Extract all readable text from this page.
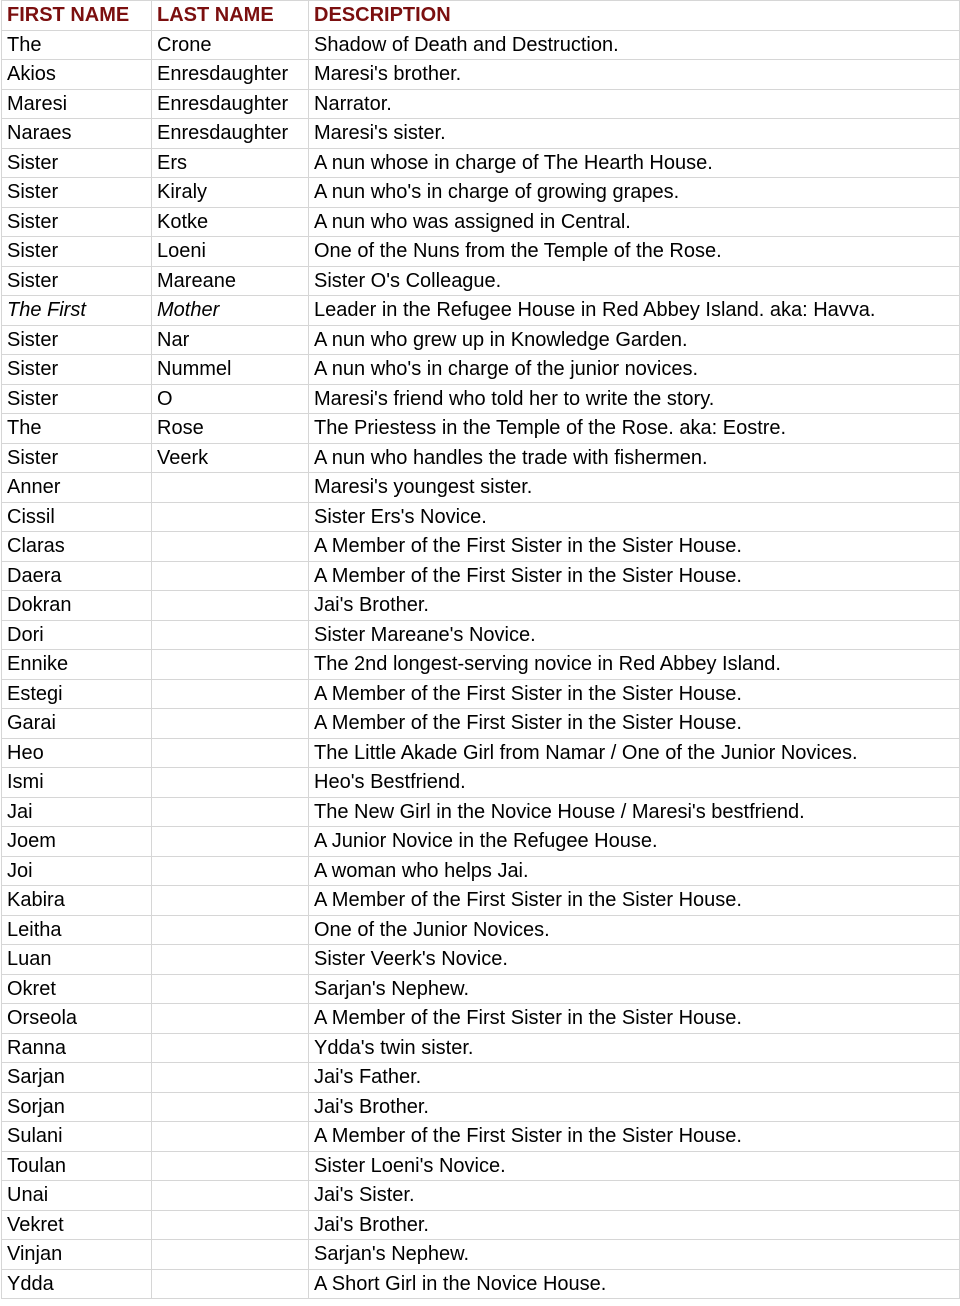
FIRST NAME	LAST NAME	DESCRIPTION
The	Crone	Shadow of Death and Destruction.
Akios	Enresdaughter	Maresi's brother.
Maresi	Enresdaughter	Narrator.
Naraes	Enresdaughter	Maresi's sister.
Sister	Ers	A nun whose in charge of The Hearth House.
Sister	Kiraly	A nun who's in charge of growing grapes.
Sister	Kotke	A nun who was assigned in Central.
Sister	Loeni	One of the Nuns from the Temple of the Rose.
Sister	Mareane	Sister O's Colleague.
The First	Mother	Leader in the Refugee House in Red Abbey Island. aka: Havva.
Sister	Nar	A nun who grew up in Knowledge Garden.
Sister	Nummel	A nun who's in charge of the junior novices.
Sister	O	Maresi's friend who told her to write the story.
The	Rose	The Priestess in the Temple of the Rose. aka: Eostre.
Sister	Veerk	A nun who handles the trade with fishermen.
Anner		Maresi's youngest sister.
Cissil		Sister Ers's Novice.
Claras		A Member of the First Sister in the Sister House.
Daera		A Member of the First Sister in the Sister House.
Dokran		Jai's Brother.
Dori		Sister Mareane's Novice.
Ennike		The 2nd longest-serving novice in Red Abbey Island.
Estegi		A Member of the First Sister in the Sister House.
Garai		A Member of the First Sister in the Sister House.
Heo		The Little Akade Girl from Namar / One of the Junior Novices.
Ismi		Heo's Bestfriend.
Jai		The New Girl in the Novice House / Maresi's bestfriend.
Joem		A Junior Novice in the Refugee House.
Joi		A woman who helps Jai.
Kabira		A Member of the First Sister in the Sister House.
Leitha		One of the Junior Novices.
Luan		Sister Veerk's Novice.
Okret		Sarjan's Nephew.
Orseola		A Member of the First Sister in the Sister House.
Ranna		Ydda's twin sister.
Sarjan		Jai's Father.
Sorjan		Jai's Brother.
Sulani		A Member of the First Sister in the Sister House.
Toulan		Sister Loeni's Novice.
Unai		Jai's Sister.
Vekret		Jai's Brother.
Vinjan		Sarjan's Nephew.
Ydda		A Short Girl in the Novice House.
